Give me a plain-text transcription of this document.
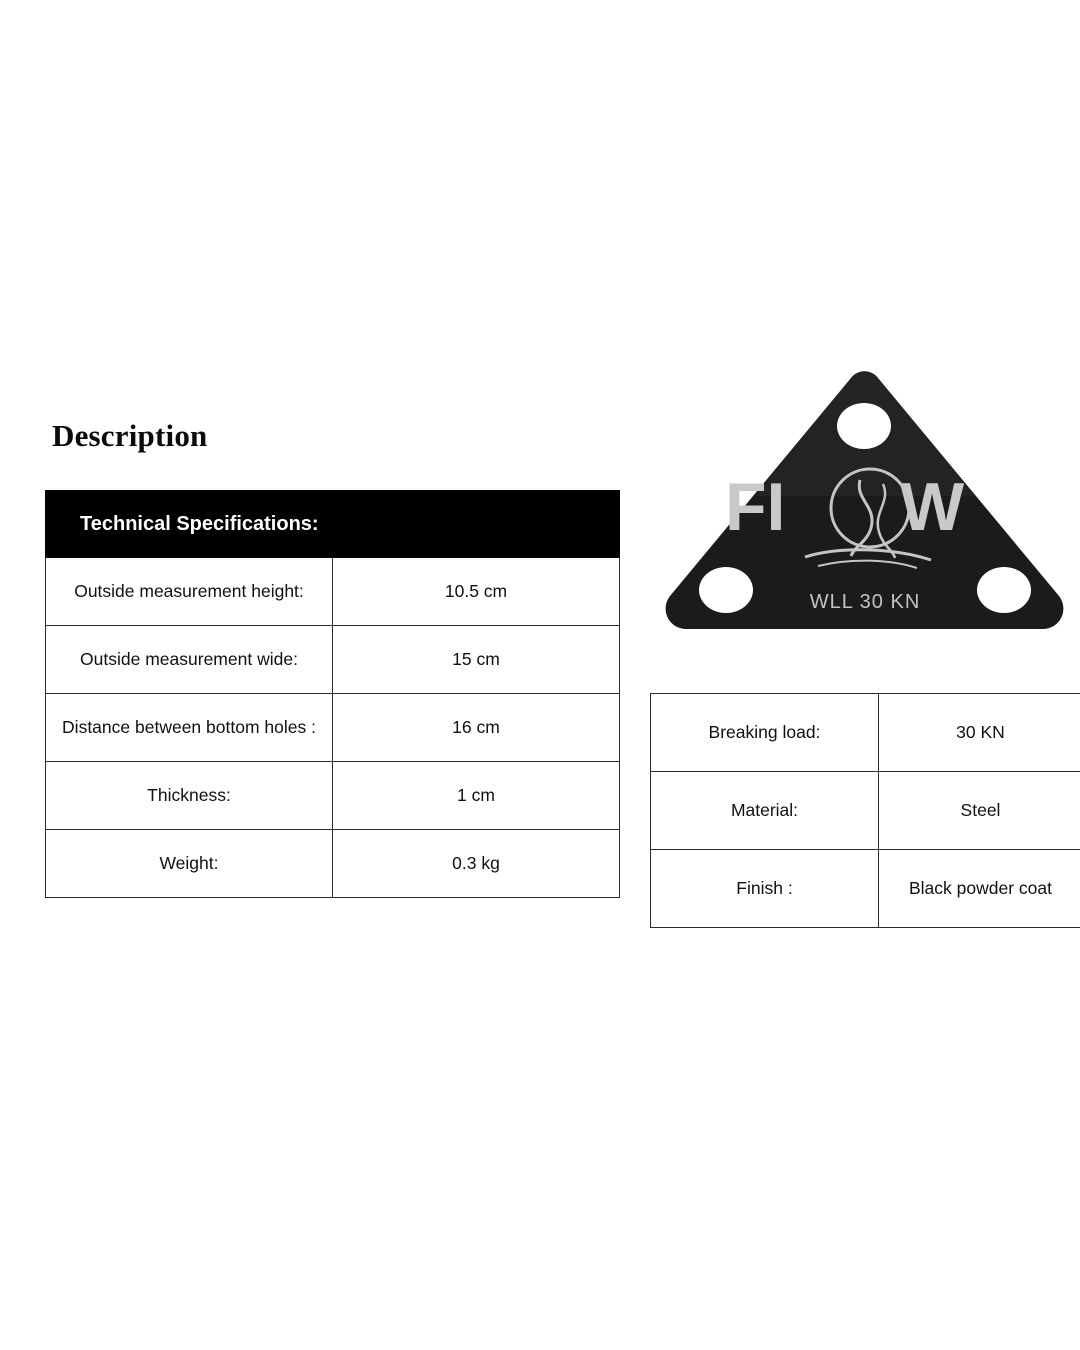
Description
Technical Specifications:	
Outside measurement height:	10.5 cm
Outside measurement wide:	15 cm
Distance between bottom holes :	16 cm
Thickness:	1 cm
Weight:	0.3 kg
FI W
WLL 30 KN
Breaking load:	30 KN
Material:	Steel
Finish :	Black powder coat
